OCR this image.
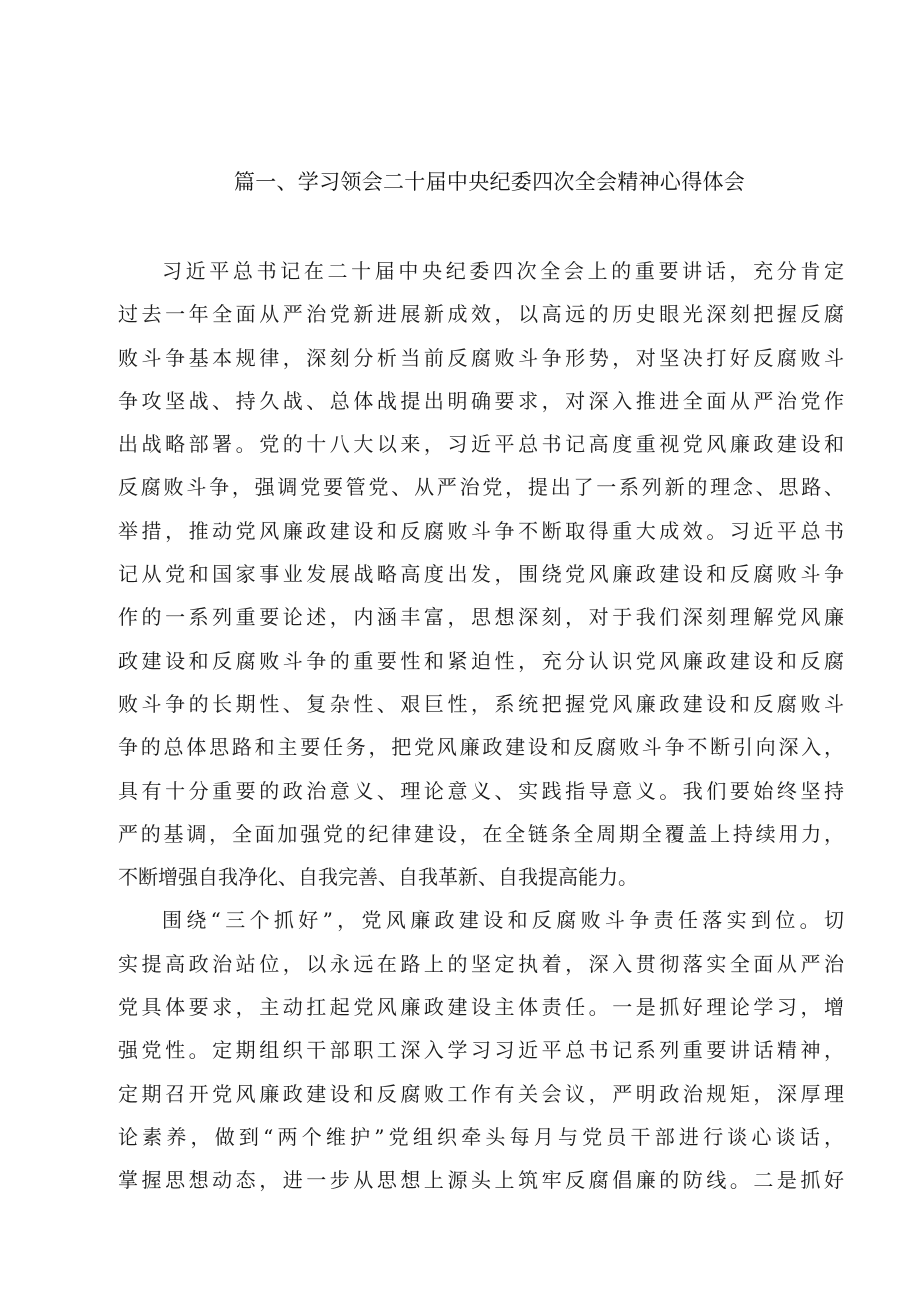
篇一、学习领会二十届中央纪委四次全会精神心得体会
习近平总书记在二十届中央纪委四次全会上的重要讲话，充分肯定
过去一年全面从严治党新进展新成效，以高远的历史眼光深刻把握反腐
败斗争基本规律，深刻分析当前反腐败斗争形势，对坚决打好反腐败斗
争攻坚战、持久战、总体战提出明确要求，对深入推进全面从严治党作
出战略部署。党的十八大以来，习近平总书记高度重视党风廉政建设和
反腐败斗争，强调党要管党、从严治党，提出了一系列新的理念、思路、
举措，推动党风廉政建设和反腐败斗争不断取得重大成效。习近平总书
记从党和国家事业发展战略高度出发，围绕党风廉政建设和反腐败斗争
作的一系列重要论述，内涵丰富，思想深刻，对于我们深刻理解党风廉
政建设和反腐败斗争的重要性和紧迫性，充分认识党风廉政建设和反腐
败斗争的长期性、复杂性、艰巨性，系统把握党风廉政建设和反腐败斗
争的总体思路和主要任务，把党风廉政建设和反腐败斗争不断引向深入，
具有十分重要的政治意义、理论意义、实践指导意义。我们要始终坚持
严的基调，全面加强党的纪律建设，在全链条全周期全覆盖上持续用力，
不断增强自我净化、自我完善、自我革新、自我提高能力。
围绕“三个抓好”，党风廉政建设和反腐败斗争责任落实到位。切
实提高政治站位，以永远在路上的坚定执着，深入贯彻落实全面从严治
党具体要求，主动扛起党风廉政建设主体责任。一是抓好理论学习，增
强党性。定期组织干部职工深入学习习近平总书记系列重要讲话精神，
定期召开党风廉政建设和反腐败工作有关会议，严明政治规矩，深厚理
论素养，做到“两个维护”党组织牵头每月与党员干部进行谈心谈话，
掌握思想动态，进一步从思想上源头上筑牢反腐倡廉的防线。二是抓好
